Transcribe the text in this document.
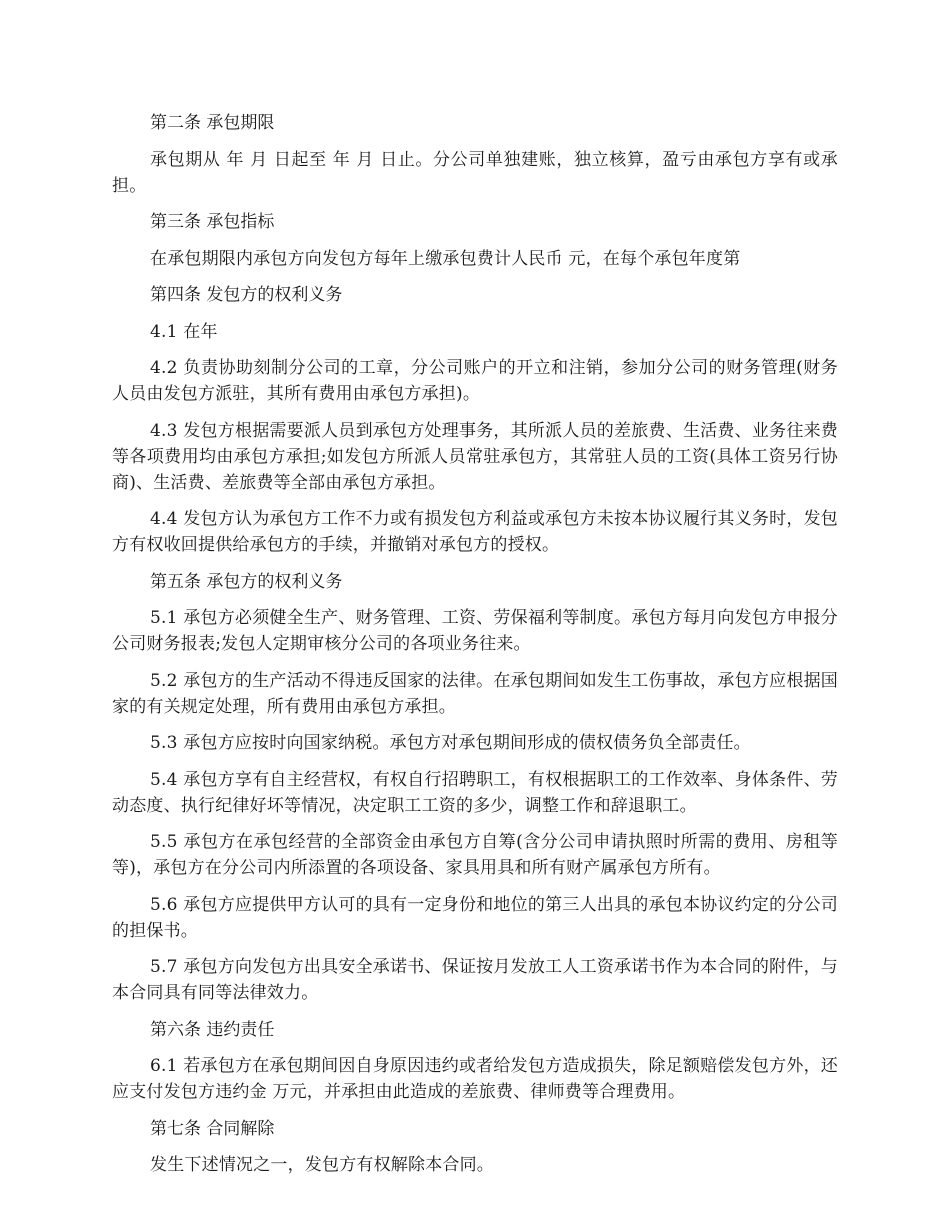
第二条 承包期限

承包期从 年 月 日起至 年 月 日止。分公司单独建账，独立核算，盈亏由承包方享有或承担。

第三条 承包指标

在承包期限内承包方向发包方每年上缴承包费计人民币 元，在每个承包年度第

第四条 发包方的权利义务

4.1 在年

4.2 负责协助刻制分公司的工章，分公司账户的开立和注销，参加分公司的财务管理(财务人员由发包方派驻，其所有费用由承包方承担)。

4.3 发包方根据需要派人员到承包方处理事务，其所派人员的差旅费、生活费、业务往来费等各项费用均由承包方承担;如发包方所派人员常驻承包方，其常驻人员的工资(具体工资另行协商)、生活费、差旅费等全部由承包方承担。

4.4 发包方认为承包方工作不力或有损发包方利益或承包方未按本协议履行其义务时，发包方有权收回提供给承包方的手续，并撤销对承包方的授权。

第五条 承包方的权利义务

5.1 承包方必须健全生产、财务管理、工资、劳保福利等制度。承包方每月向发包方申报分公司财务报表;发包人定期审核分公司的各项业务往来。

5.2 承包方的生产活动不得违反国家的法律。在承包期间如发生工伤事故，承包方应根据国家的有关规定处理，所有费用由承包方承担。

5.3 承包方应按时向国家纳税。承包方对承包期间形成的债权债务负全部责任。

5.4 承包方享有自主经营权，有权自行招聘职工，有权根据职工的工作效率、身体条件、劳动态度、执行纪律好坏等情况，决定职工工资的多少，调整工作和辞退职工。

5.5 承包方在承包经营的全部资金由承包方自筹(含分公司申请执照时所需的费用、房租等等)，承包方在分公司内所添置的各项设备、家具用具和所有财产属承包方所有。

5.6 承包方应提供甲方认可的具有一定身份和地位的第三人出具的承包本协议约定的分公司的担保书。

5.7 承包方向发包方出具安全承诺书、保证按月发放工人工资承诺书作为本合同的附件，与本合同具有同等法律效力。

第六条 违约责任

6.1 若承包方在承包期间因自身原因违约或者给发包方造成损失，除足额赔偿发包方外，还应支付发包方违约金 万元，并承担由此造成的差旅费、律师费等合理费用。

第七条 合同解除

发生下述情况之一，发包方有权解除本合同。
